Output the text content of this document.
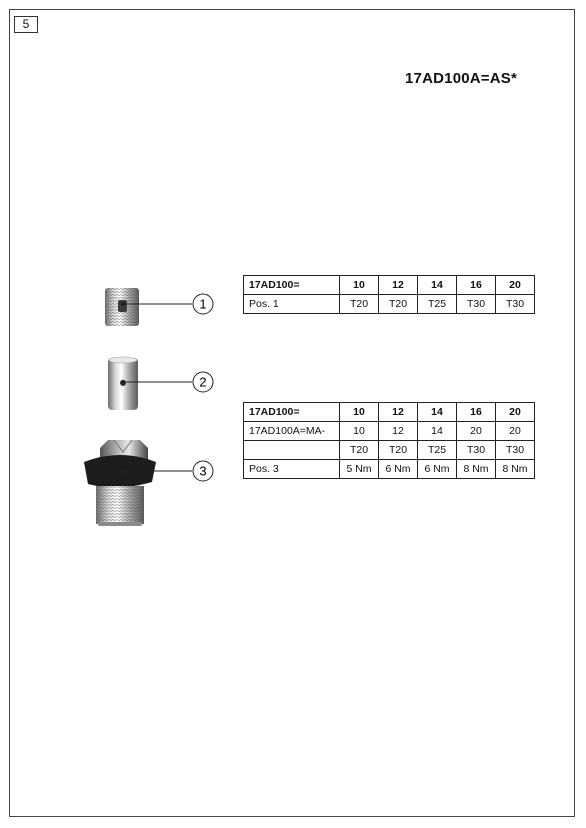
5
17AD100A=AS*
1
2
3
17AD100=	10	12	14	16	20
Pos. 1	T20	T20	T25	T30	T30
17AD100=	10	12	14	16	20
17AD100A=MA-	10	12	14	20	20
	T20	T20	T25	T30	T30
Pos. 3	5 Nm	6 Nm	6 Nm	8 Nm	8 Nm
